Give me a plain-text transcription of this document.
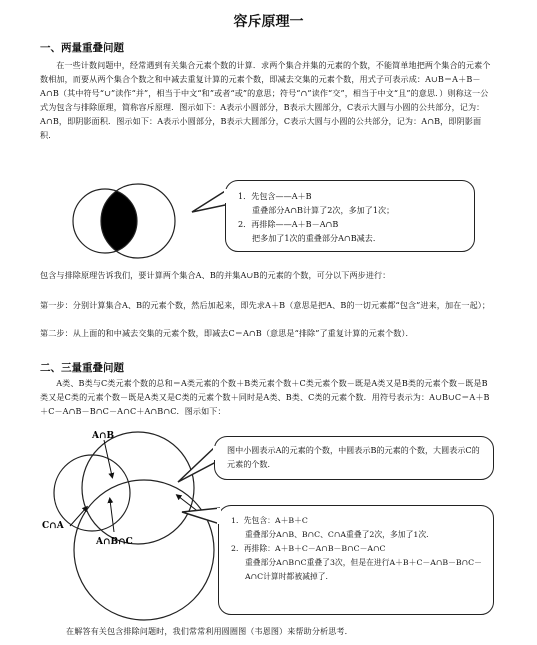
容斥原理一
一、两量重叠问题

在一些计数问题中，经常遇到有关集合元素个数的计算．求两个集合并集的元素的个数，不能简单地把两个集合的元素个数相加，而要从两个集合个数之和中减去重复计算的元素个数，即减去交集的元素个数，用式子可表示成：A∪B＝A＋B－A∩B（其中符号“∪”读作“并”，相当于中文“和”或者“或”的意思；符号“∩”读作“交”，相当于中文“且”的意思．）则称这一公式为包含与排除原理，简称容斥原理．图示如下：A表示小圆部分，B表示大圆部分，C表示大圆与小圆的公共部分，记为：A∩B，即阴影面积．图示如下：A表示小圆部分，B表示大圆部分，C表示大圆与小圆的公共部分，记为：A∩B，即阴影面积．

1．先包含——A＋B
重叠部分A∩B计算了2次，多加了1次；
2．再排除——A＋B－A∩B
把多加了1次的重叠部分A∩B减去．

包含与排除原理告诉我们，要计算两个集合A、B的并集A∪B的元素的个数，可分以下两步进行：

第一步：分别计算集合A、B的元素个数，然后加起来，即先求A＋B（意思是把A、B的一切元素都“包含”进来，加在一起）；

第二步：从上面的和中减去交集的元素个数，即减去C＝A∩B（意思是“排除”了重复计算的元素个数）．

二、三量重叠问题

A类、B类与C类元素个数的总和＝A类元素的个数＋B类元素个数＋C类元素个数－既是A类又是B类的元素个数－既是B类又是C类的元素个数－既是A类又是C类的元素个数＋同时是A类、B类、C类的元素个数．用符号表示为：A∪B∪C＝A＋B＋C－A∩B－B∩C－A∩C＋A∩B∩C．图示如下：

A∩B
C∩A
A∩B∩C
图中小圆表示A的元素的个数，中圆表示B的元素的个数，大圆表示C的元素的个数．
1．先包含：A＋B＋C
重叠部分A∩B、B∩C、C∩A重叠了2次，多加了1次．
2．再排除：A＋B＋C－A∩B－B∩C－A∩C
重叠部分A∩B∩C重叠了3次，但是在进行A＋B＋C－A∩B－B∩C－A∩C计算时都被减掉了．

在解答有关包含排除问题时，我们常常利用圆圈图（韦恩图）来帮助分析思考．
